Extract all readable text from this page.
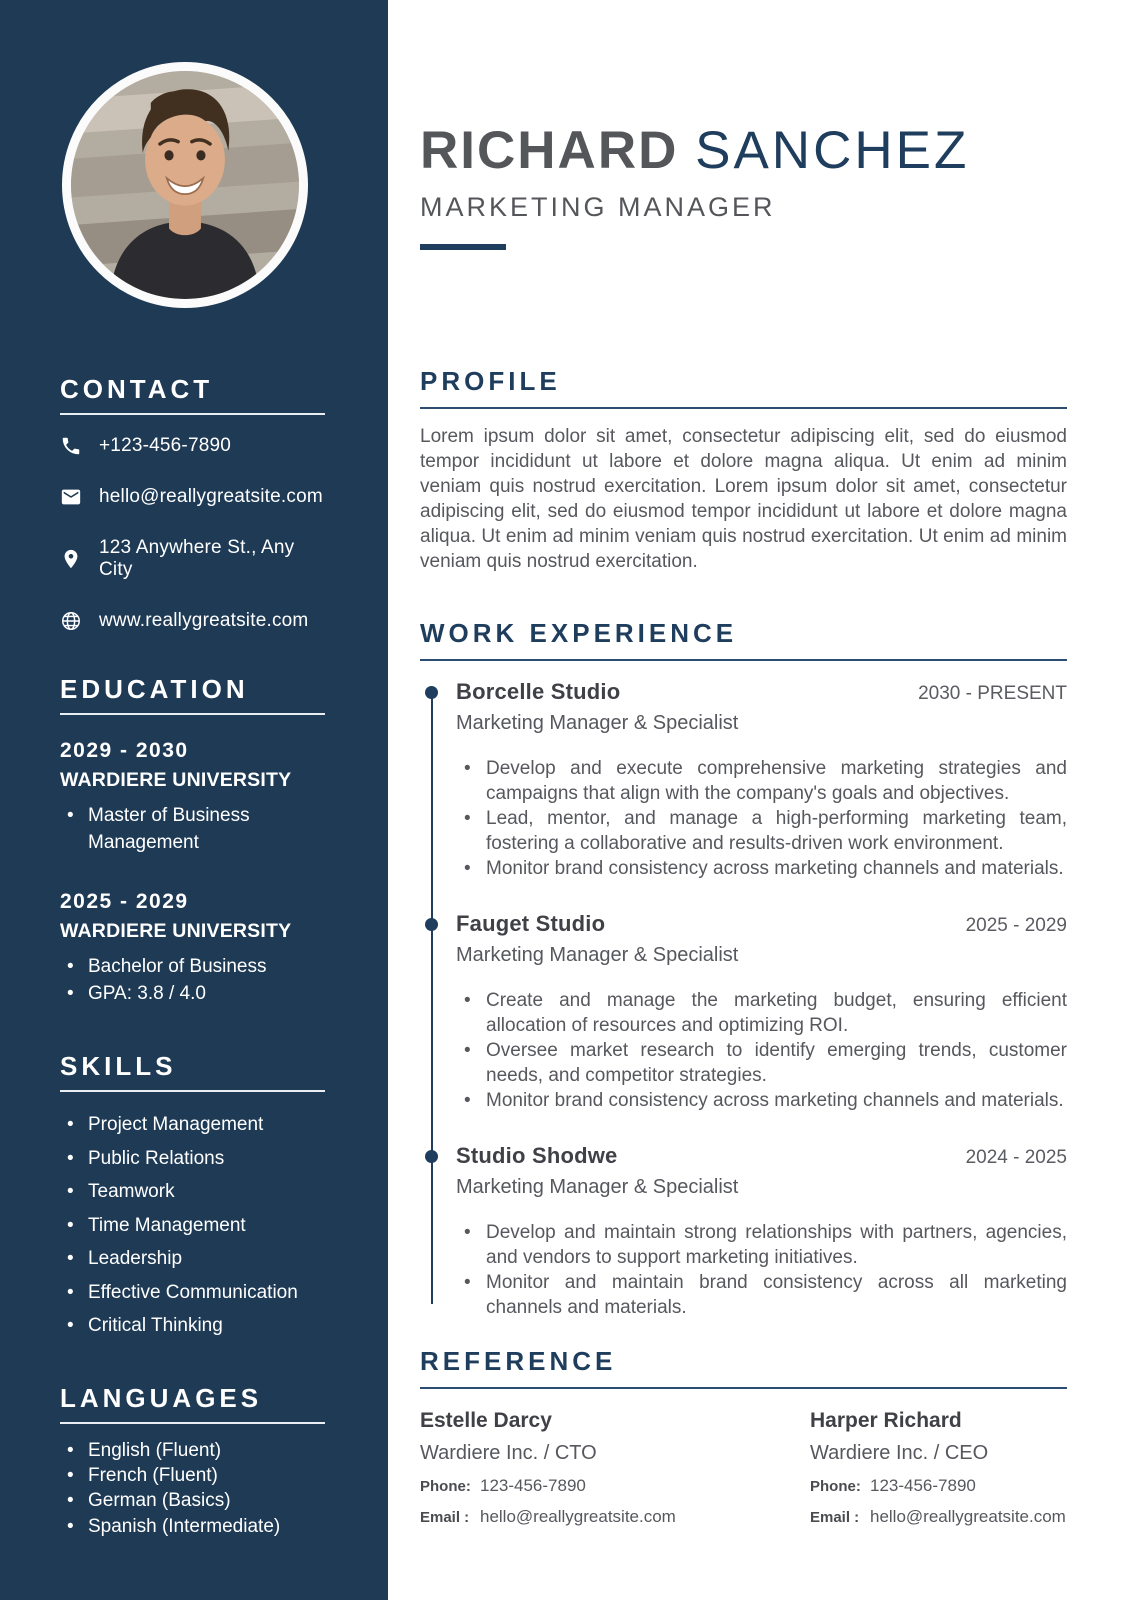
CONTACT
+123-456-7890
hello@reallygreatsite.com
123 Anywhere St., Any City
www.reallygreatsite.com
EDUCATION
2029 - 2030
WARDIERE UNIVERSITY
• Master of Business Management
2025 - 2029
WARDIERE UNIVERSITY
• Bachelor of Business
• GPA: 3.8 / 4.0
SKILLS
• Project Management
• Public Relations
• Teamwork
• Time Management
• Leadership
• Effective Communication
• Critical Thinking
LANGUAGES
• English (Fluent)
• French (Fluent)
• German (Basics)
• Spanish (Intermediate)
RICHARD SANCHEZ
MARKETING MANAGER
PROFILE

Lorem ipsum dolor sit amet, consectetur adipiscing elit, sed do eiusmod tempor incididunt ut labore et dolore magna aliqua. Ut enim ad minim veniam quis nostrud exercitation. Lorem ipsum dolor sit amet, consectetur adipiscing elit, sed do eiusmod tempor incididunt ut labore et dolore magna aliqua. Ut enim ad minim veniam quis nostrud exercitation. Ut enim ad minim veniam quis nostrud exercitation.

WORK EXPERIENCE
Borcelle Studio	2030 - PRESENT
Marketing Manager & Specialist
• Develop and execute comprehensive marketing strategies and campaigns that align with the company's goals and objectives.
• Lead, mentor, and manage a high-performing marketing team, fostering a collaborative and results-driven work environment.
• Monitor brand consistency across marketing channels and materials.
Fauget Studio	2025 - 2029
Marketing Manager & Specialist
• Create and manage the marketing budget, ensuring efficient allocation of resources and optimizing ROI.
• Oversee market research to identify emerging trends, customer needs, and competitor strategies.
• Monitor brand consistency across marketing channels and materials.
Studio Shodwe	2024 - 2025
Marketing Manager & Specialist
• Develop and maintain strong relationships with partners, agencies, and vendors to support marketing initiatives.
• Monitor and maintain brand consistency across all marketing channels and materials.
REFERENCE
Estelle Darcy
Wardiere Inc. / CTO
Phone: 123-456-7890
Email : hello@reallygreatsite.com
Harper Richard
Wardiere Inc. / CEO
Phone: 123-456-7890
Email : hello@reallygreatsite.com
